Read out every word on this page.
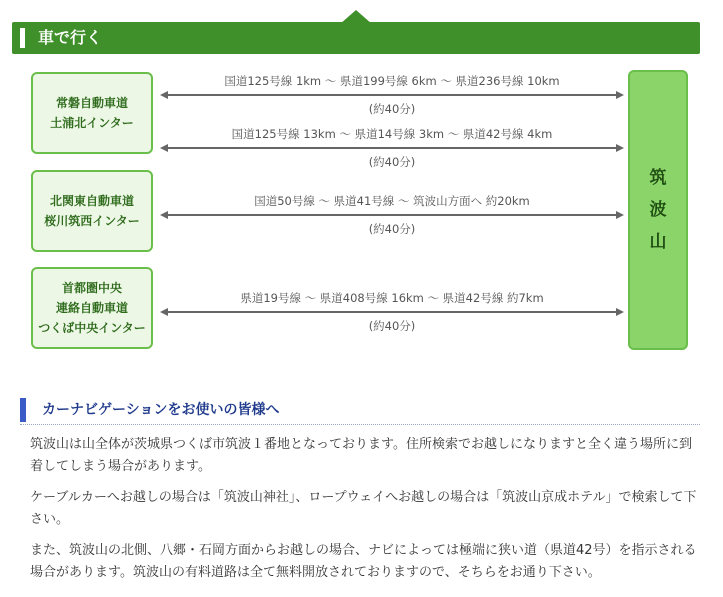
車で行く
常磐自動車道
土浦北インター
北関東自動車道
桜川筑西インター
首都圏中央
連絡自動車道
つくば中央インター
筑
波
山
国道125号線 1km 〜 県道199号線 6km 〜 県道236号線 10km
(約40分)
国道125号線 13km 〜 県道14号線 3km 〜 県道42号線 4km
(約40分)
国道50号線 〜 県道41号線 〜 筑波山方面へ 約20km
(約40分)
県道19号線 〜 県道408号線 16km 〜 県道42号線 約7km
(約40分)
カーナビゲーションをお使いの皆様へ

筑波山は山全体が茨城県つくば市筑波１番地となっております。住所検索でお越しになりますと全く違う場所に到着してしまう場合があります。

ケーブルカーへお越しの場合は「筑波山神社」、ロープウェイへお越しの場合は「筑波山京成ホテル」で検索して下さい。

また、筑波山の北側、八郷・石岡方面からお越しの場合、ナビによっては極端に狭い道（県道42号）を指示される場合があります。筑波山の有料道路は全て無料開放されておりますので、そちらをお通り下さい。
